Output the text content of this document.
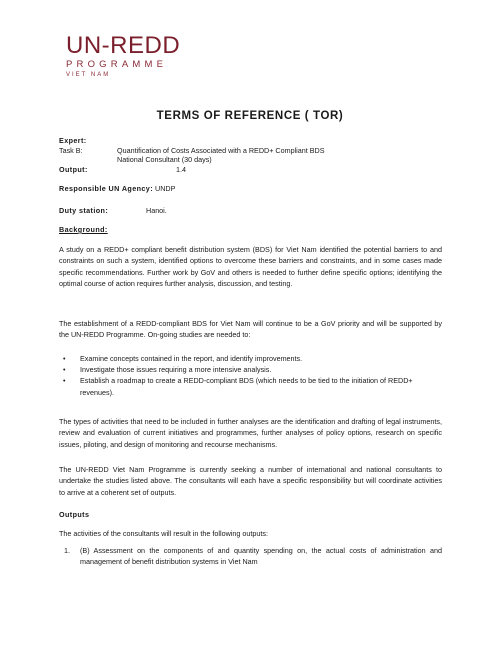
UN-REDD
PROGRAMME
VIET NAM
TERMS OF REFERENCE ( TOR)
Expert:
Task B:	Quantification of Costs Associated with a REDD+ Compliant BDS
National Consultant (30 days)
Output:	1.4
Responsible UN Agency: UNDP
Duty station:	Hanoi.
Background:
A study on a REDD+ compliant benefit distribution system (BDS) for Viet Nam identified the potential barriers to and constraints on such a system, identified options to overcome these barriers and constraints, and in some cases made specific recommendations. Further work by GoV and others is needed to further define specific options; identifying the optimal course of action requires further analysis, discussion, and testing.
The establishment of a REDD-compliant BDS for Viet Nam will continue to be a GoV priority and will be supported by the UN-REDD Programme. On-going studies are needed to:
• Examine concepts contained in the report, and identify improvements.
• Investigate those issues requiring a more intensive analysis.
• Establish a roadmap to create a REDD-compliant BDS (which needs to be tied to the initiation of REDD+ revenues).
The types of activities that need to be included in further analyses are the identification and drafting of legal instruments, review and evaluation of current initiatives and programmes, further analyses of policy options, research on specific issues, piloting, and design of monitoring and recourse mechanisms.
The UN-REDD Viet Nam Programme is currently seeking a number of international and national consultants to undertake the studies listed above. The consultants will each have a specific responsibility but will coordinate activities to arrive at a coherent set of outputs.
Outputs
The activities of the consultants will result in the following outputs:
1.	(B) Assessment on the components of and quantity spending on, the actual costs of administration and management of benefit distribution systems in Viet Nam
